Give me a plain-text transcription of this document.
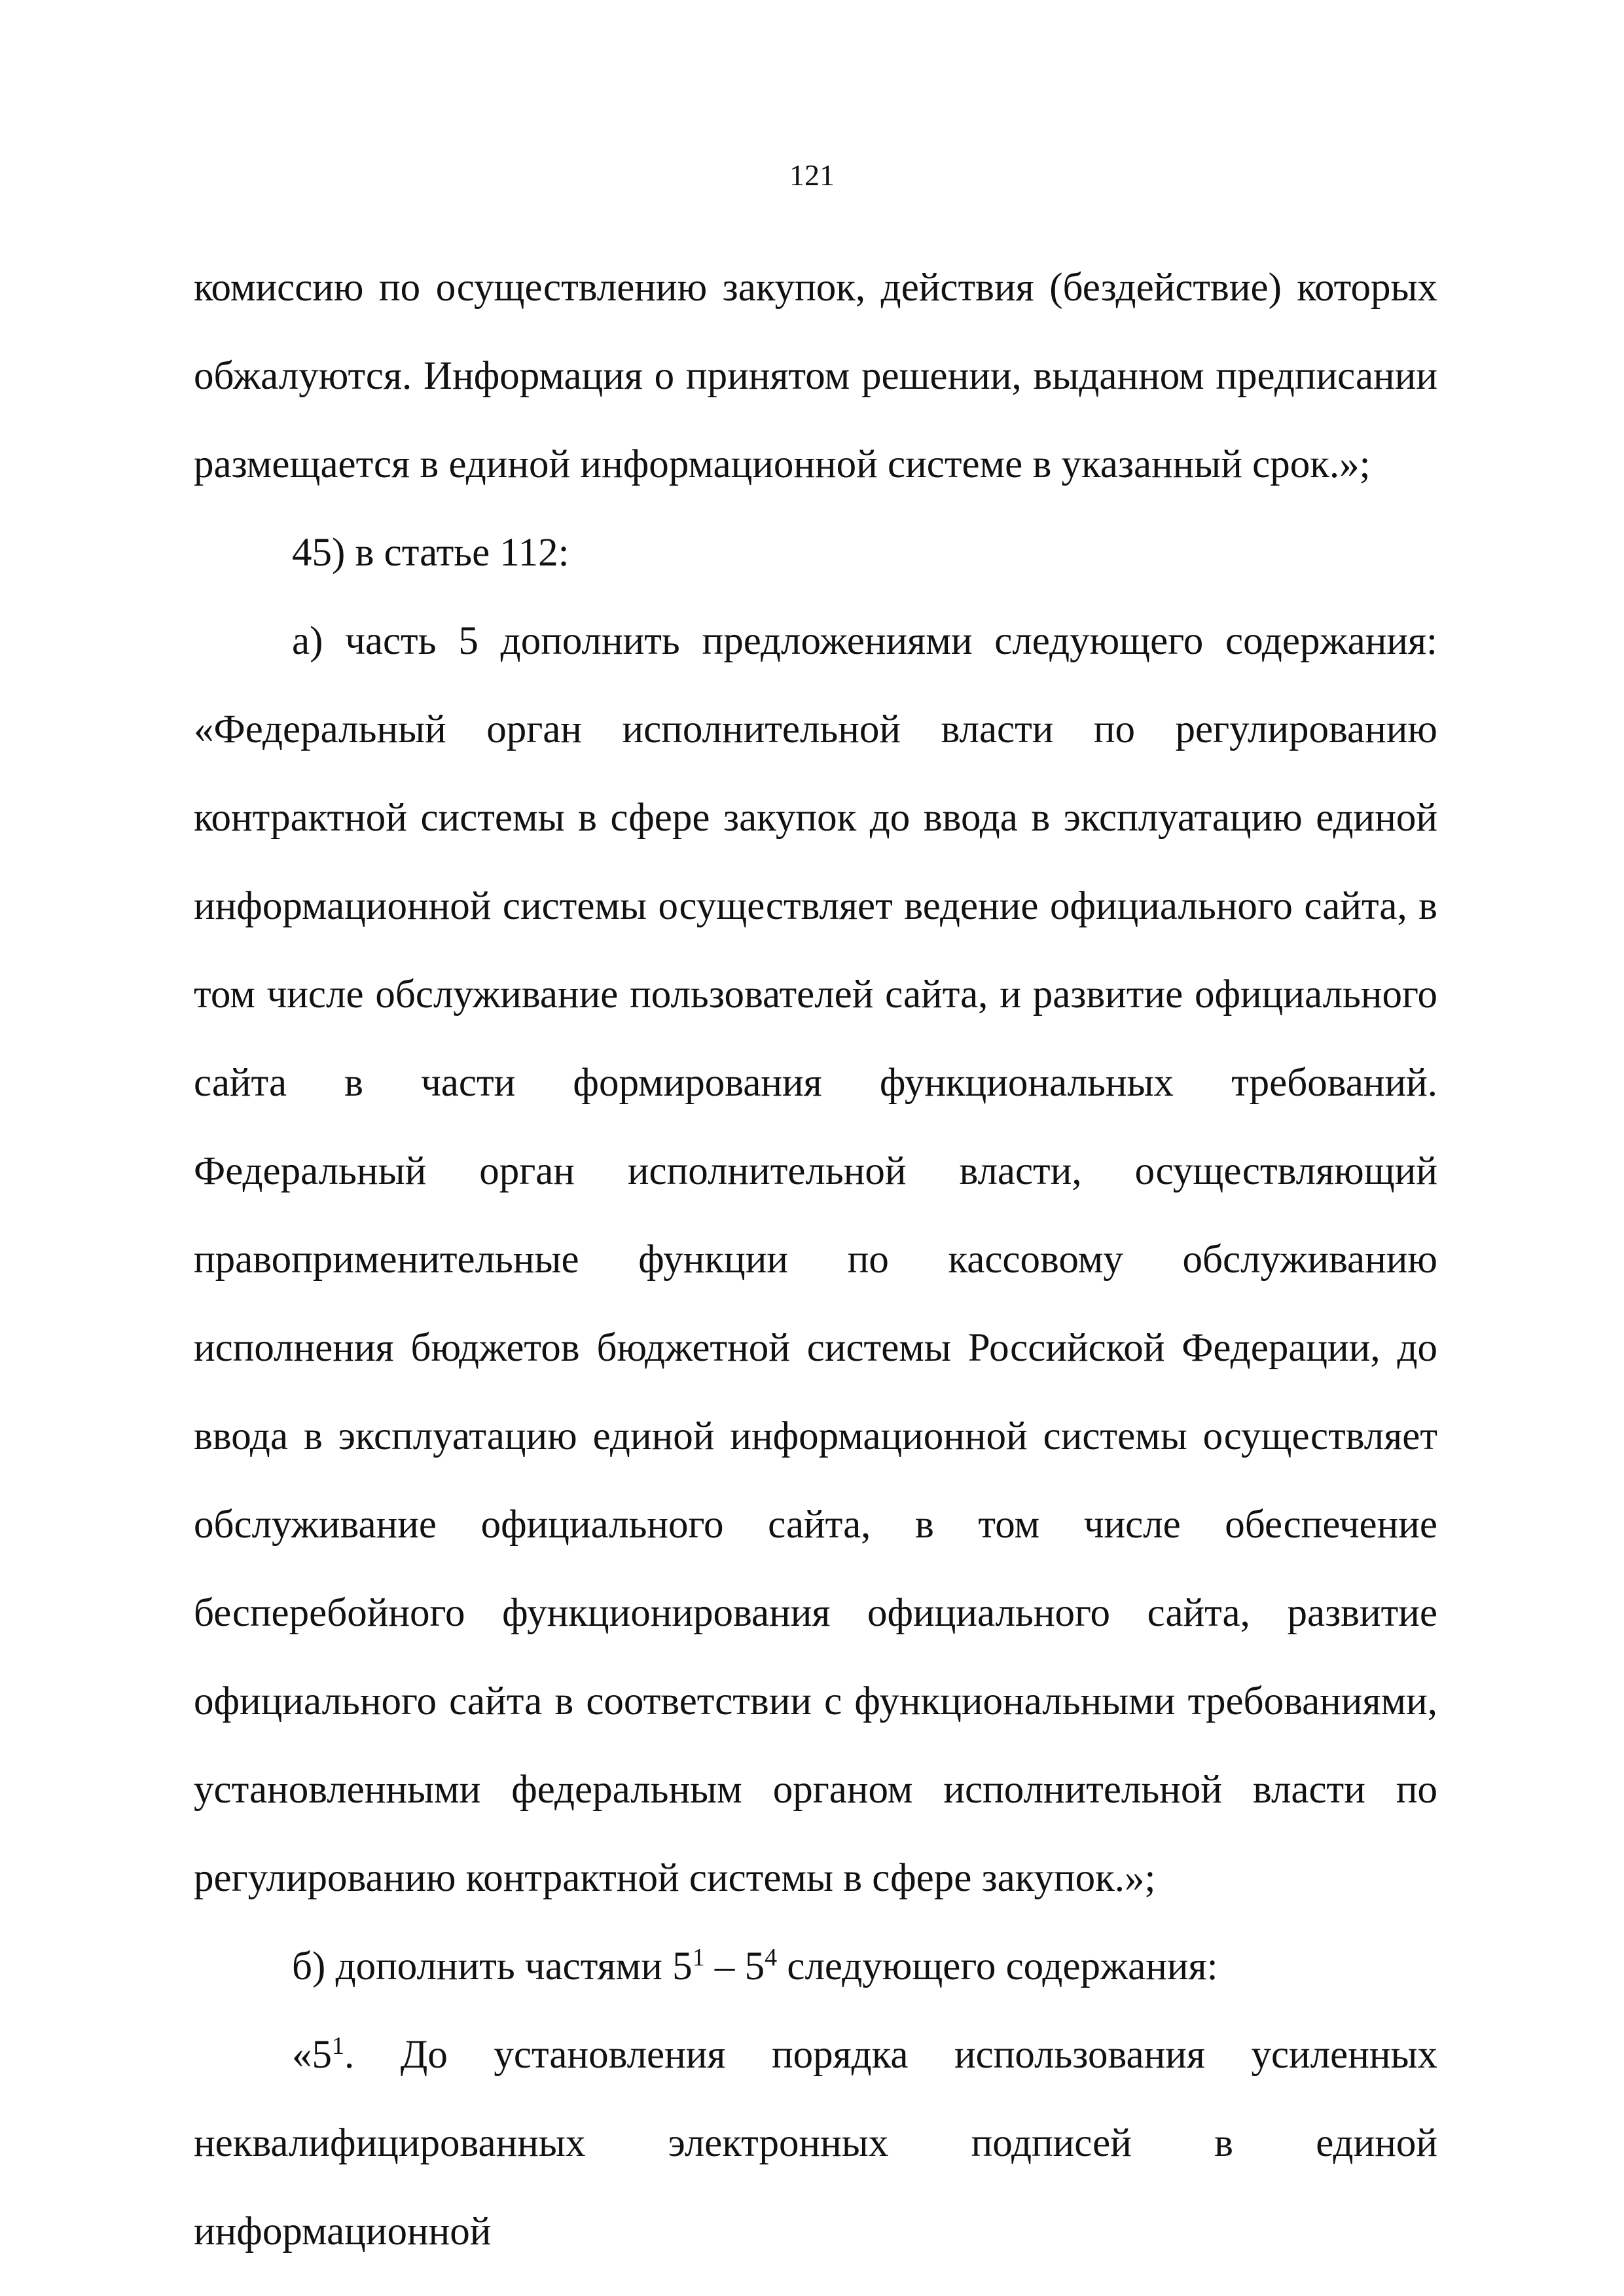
121

комиссию по осуществлению закупок, действия (бездействие) которых обжалуются. Информация о принятом решении, выданном предписании размещается в единой информационной системе в указанный срок.»;

45) в статье 112:

а) часть 5 дополнить предложениями следующего содержания: «Федеральный орган исполнительной власти по регулированию контрактной системы в сфере закупок до ввода в эксплуатацию единой информационной системы осуществляет ведение официального сайта, в том числе обслуживание пользователей сайта, и развитие официального сайта в части формирования функциональных требований. Федеральный орган исполнительной власти, осуществляющий правоприменительные функции по кассовому обслуживанию исполнения бюджетов бюджетной системы Российской Федерации, до ввода в эксплуатацию единой информационной системы осуществляет обслуживание официального сайта, в том числе обеспечение бесперебойного функционирования официального сайта, развитие официального сайта в соответствии с функциональными требованиями, установленными федеральным органом исполнительной власти по регулированию контрактной системы в сфере закупок.»;

б) дополнить частями $5^1 - 5^4$ следующего содержания:

«$5^1$. До установления порядка использования усиленных неквалифицированных электронных подписей в единой информационной
